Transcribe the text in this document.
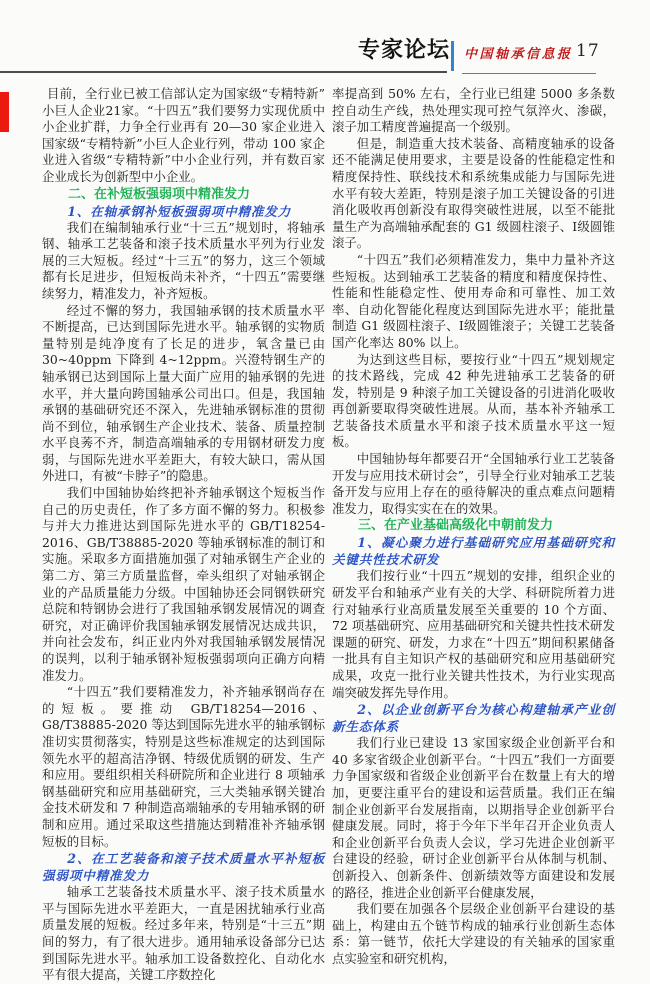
专家论坛 中国轴承信息报 17

目前，全行业已被工信部认定为国家级“专精特新”小巨人企业21家。“十四五”我们要努力实现优质中小企业扩群，力争全行业再有 20—30 家企业进入国家级“专精特新”小巨人企业行列，带动 100 家企业进入省级“专精特新”中小企业行列，并有数百家企业成长为创新型中小企业。

二、在补短板强弱项中精准发力

1、在轴承钢补短板强弱项中精准发力

我们在编制轴承行业“十三五”规划时，将轴承钢、轴承工艺装备和滚子技术质量水平列为行业发展的三大短板。经过“十三五”的努力，这三个领域都有长足进步，但短板尚未补齐，“十四五”需要继续努力，精准发力，补齐短板。

经过不懈的努力，我国轴承钢的技术质量水平不断提高，已达到国际先进水平。轴承钢的实物质量特别是纯净度有了长足的进步，氧含量已由 30~40ppm 下降到 4~12ppm。兴澄特钢生产的轴承钢已达到国际上量大面广应用的轴承钢的先进水平，并大量向跨国轴承公司出口。但是，我国轴承钢的基础研究还不深入，先进轴承钢标准的贯彻尚不到位，轴承钢生产企业技术、装备、质量控制水平良莠不齐，制造高端轴承的专用钢材研发力度弱，与国际先进水平差距大，有较大缺口，需从国外进口，有被“卡脖子”的隐患。

我们中国轴协始终把补齐轴承钢这个短板当作自己的历史责任，作了多方面不懈的努力。积极参与并大力推进达到国际先进水平的 GB/T18254-2016、GB/T38885-2020 等轴承钢标准的制订和实施。采取多方面措施加强了对轴承钢生产企业的第二方、第三方质量监督，牵头组织了对轴承钢企业的产品质量能力分级。中国轴协还会同钢铁研究总院和特钢协会进行了我国轴承钢发展情况的调查研究，对正确评价我国轴承钢发展情况达成共识，并向社会发布，纠正业内外对我国轴承钢发展情况的误判，以利于轴承钢补短板强弱项向正确方向精准发力。

“十四五”我们要精准发力，补齐轴承钢尚存在的短板。要推动 GB/T18254—2016、G8/T38885-2020 等达到国际先进水平的轴承钢标准切实贯彻落实，特别是这些标准规定的达到国际领先水平的超高洁净钢、特级优质钢的研发、生产和应用。要组织相关科研院所和企业进行 8 项轴承钢基础研究和应用基础研究，三大类轴承钢关键冶金技术研发和 7 种制造高端轴承的专用轴承钢的研制和应用。通过采取这些措施达到精准补齐轴承钢短板的目标。

2、在工艺装备和滚子技术质量水平补短板强弱项中精准发力

轴承工艺装备技术质量水平、滚子技术质量水平与国际先进水平差距大，一直是困扰轴承行业高质量发展的短板。经过多年来，特别是“十三五”期间的努力，有了很大进步。通用轴承设备部分已达到国际先进水平。轴承加工设备数控化、自动化水平有很大提高，关键工序数控化

率提高到 50% 左右，全行业已组建 5000 多条数控自动生产线，热处理实现可控气氛淬火、渗碳，滚子加工精度普遍提高一个级别。

但是，制造重大技术装备、高精度轴承的设备还不能满足使用要求，主要是设备的性能稳定性和精度保持性、联线技术和系统集成能力与国际先进水平有较大差距，特别是滚子加工关键设备的引进消化吸收再创新没有取得突破性进展，以至不能批量生产为高端轴承配套的 G1 级圆柱滚子、Ⅰ级圆锥滚子。

“十四五”我们必须精准发力，集中力量补齐这些短板。达到轴承工艺装备的精度和精度保持性、性能和性能稳定性、使用寿命和可靠性、加工效率、自动化智能化程度达到国际先进水平；能批量制造 G1 级圆柱滚子、Ⅰ级圆锥滚子；关键工艺装备国产化率达 80% 以上。

为达到这些目标，要按行业“十四五”规划规定的技术路线，完成 42 种先进轴承工艺装备的研发，特别是 9 种滚子加工关键设备的引进消化吸收再创新要取得突破性进展。从而，基本补齐轴承工艺装备技术质量水平和滚子技术质量水平这一短板。

中国轴协每年都要召开“全国轴承行业工艺装备开发与应用技术研讨会”，引导全行业对轴承工艺装备开发与应用上存在的亟待解决的重点难点问题精准发力，取得实实在在的效果。

三、在产业基础高级化中朝前发力

1、凝心聚力进行基础研究应用基础研究和关键共性技术研发

我们按行业“十四五”规划的安排，组织企业的研发平台和轴承产业有关的大学、科研院所着力进行对轴承行业高质量发展至关重要的 10 个方面、72 项基础研究、应用基础研究和关键共性技术研发课题的研究、研发，力求在“十四五”期间积累储备一批具有自主知识产权的基础研究和应用基础研究成果，攻克一批行业关键共性技术，为行业实现高端突破发挥先导作用。

2、以企业创新平台为核心构建轴承产业创新生态体系

我们行业已建设 13 家国家级企业创新平台和 40 多家省级企业创新平台。“十四五”我们一方面要力争国家级和省级企业创新平台在数量上有大的增加，更要注重平台的建设和运营质量。我们正在编制企业创新平台发展指南，以期指导企业创新平台健康发展。同时，将于今年下半年召开企业负责人和企业创新平台负责人会议，学习先进企业创新平台建设的经验，研讨企业创新平台从体制与机制、创新投入、创新条件、创新绩效等方面建设和发展的路径，推进企业创新平台健康发展，

我们要在加强各个层级企业创新平台建设的基础上，构建由五个链节构成的轴承行业创新生态体系：第一链节，依托大学建设的有关轴承的国家重点实验室和研究机构，
